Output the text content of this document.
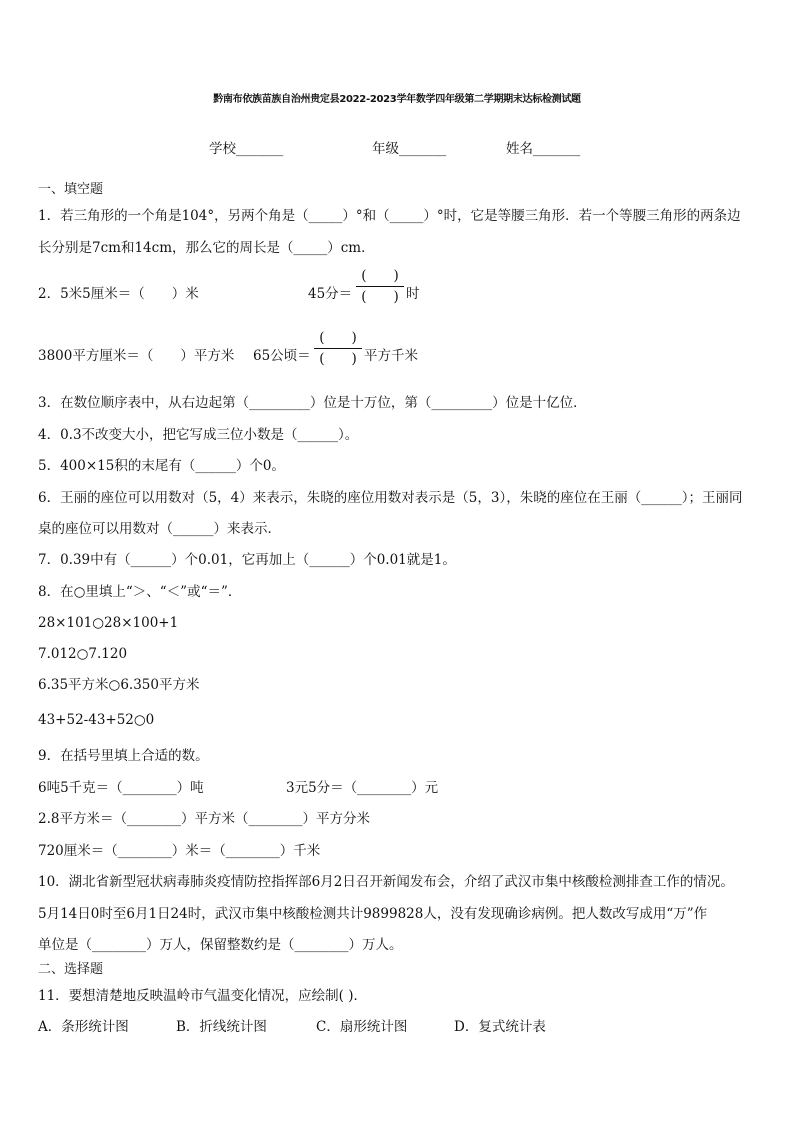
黔南布依族苗族自治州贵定县2022-2023学年数学四年级第二学期期末达标检测试题
学校_______	年级_______	姓名_______
一、填空题
1．若三角形的一个角是104°，另两个角是（_____）°和（_____）°时，它是等腰三角形．若一个等腰三角形的两条边
长分别是7cm和14cm，那么它的周长是（_____）cm．
2．5米5厘米＝（　　）米	45分＝
(　　)
(　　) 时
3800平方厘米＝（　　）平方米 65公顷＝
(　　)
(　　) 平方千米
3．在数位顺序表中，从右边起第（_________）位是十万位，第（_________）位是十亿位．
4．0.3不改变大小，把它写成三位小数是（______）。
5．400×15积的末尾有（______）个0。
6．王丽的座位可以用数对（5，4）来表示，朱晓的座位用数对表示是（5，3），朱晓的座位在王丽（______）；王丽同
桌的座位可以用数对（______）来表示．
7．0.39中有（______）个0.01，它再加上（______）个0.01就是1。
8．在○里填上“＞、“＜”或“＝”．
28×101○28×100+1
7.012○7.120
6.35平方米○6.350平方米
43+52-43+52○0
9．在括号里填上合适的数。
6吨5千克＝（________）吨	3元5分＝（________）元
2.8平方米＝（________）平方米（________）平方分米
720厘米＝（________）米＝（________）千米
10．湖北省新型冠状病毒肺炎疫情防控指挥部6月2日召开新闻发布会，介绍了武汉市集中核酸检测排查工作的情况。
5月14日0时至6月1日24时，武汉市集中核酸检测共计9899828人，没有发现确诊病例。把人数改写成用“万”作
单位是（________）万人，保留整数约是（________）万人。
二、选择题
11．要想清楚地反映温岭市气温变化情况，应绘制( )．
A．条形统计图	B．折线统计图	C．扇形统计图	D．复式统计表
